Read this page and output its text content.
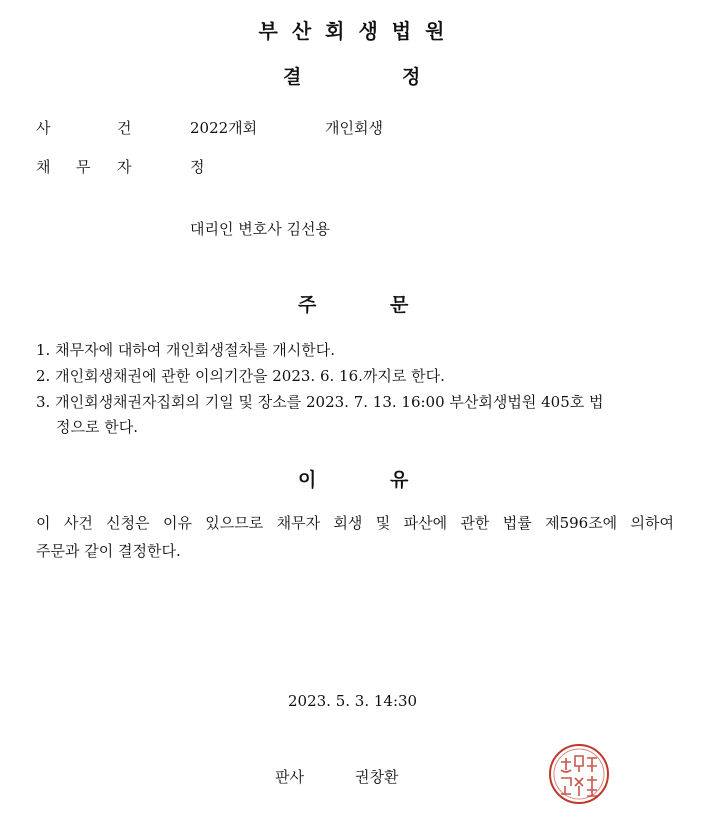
부산회생법원
결	정
사	건	2022개회	개인회생
채 무 자	정
대리인 변호사 김선용
주	문
1. 채무자에 대하여 개인회생절차를 개시한다.
2. 개인회생채권에 관한 이의기간을 2023. 6. 16.까지로 한다.
3. 개인회생채권자집회의 기일 및 장소를 2023. 7. 13. 16:00 부산회생법원 405호 법
정으로 한다.
이	유
이 사건 신청은 이유 있으므로 채무자 회생 및 파산에 관한 법률 제596조에 의하여
주문과 같이 결정한다.
2023. 5. 3. 14:30
판사	권창환
